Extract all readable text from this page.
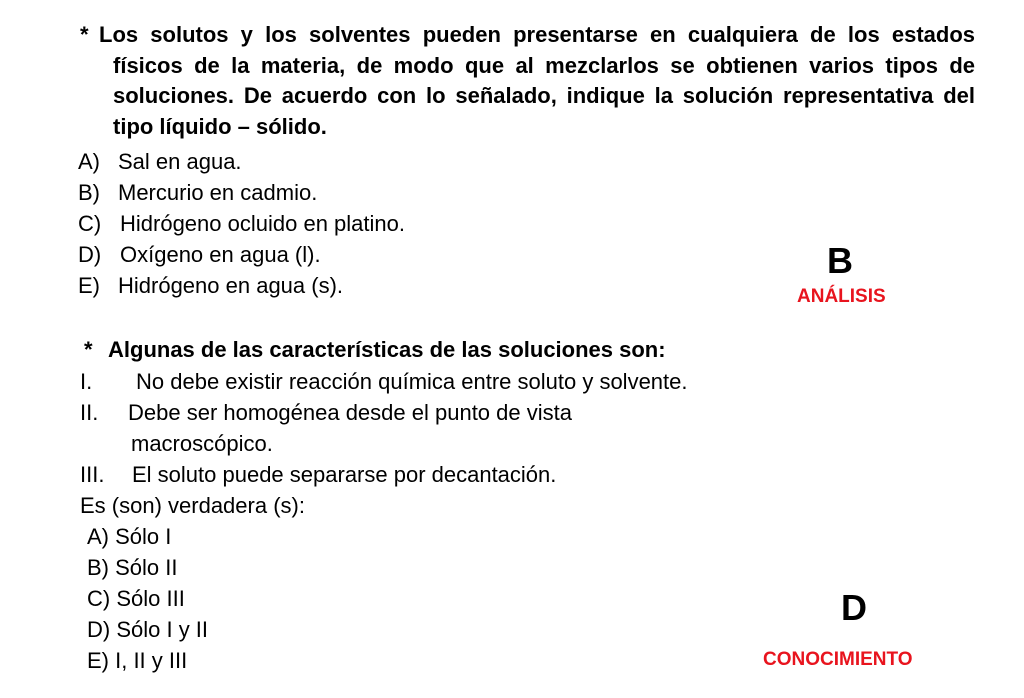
* Los solutos y los solventes pueden presentarse en cualquiera de los estados físicos de la materia, de modo que al mezclarlos se obtienen varios tipos de soluciones. De acuerdo con lo señalado, indique la solución representativa del tipo líquido – sólido.
A) Sal en agua.
B) Mercurio en cadmio.
C) Hidrógeno ocluido en platino.
D) Oxígeno en agua (l).
E) Hidrógeno en agua (s).
B
ANÁLISIS
* Algunas de las características de las soluciones son:
I. No debe existir reacción química entre soluto y solvente.
II. Debe ser homogénea desde el punto de vista
macroscópico.
III. El soluto puede separarse por decantación.
Es (son) verdadera (s):
A) Sólo I
B) Sólo II
C) Sólo III
D) Sólo I y II
E) I, II y III
D
CONOCIMIENTO
